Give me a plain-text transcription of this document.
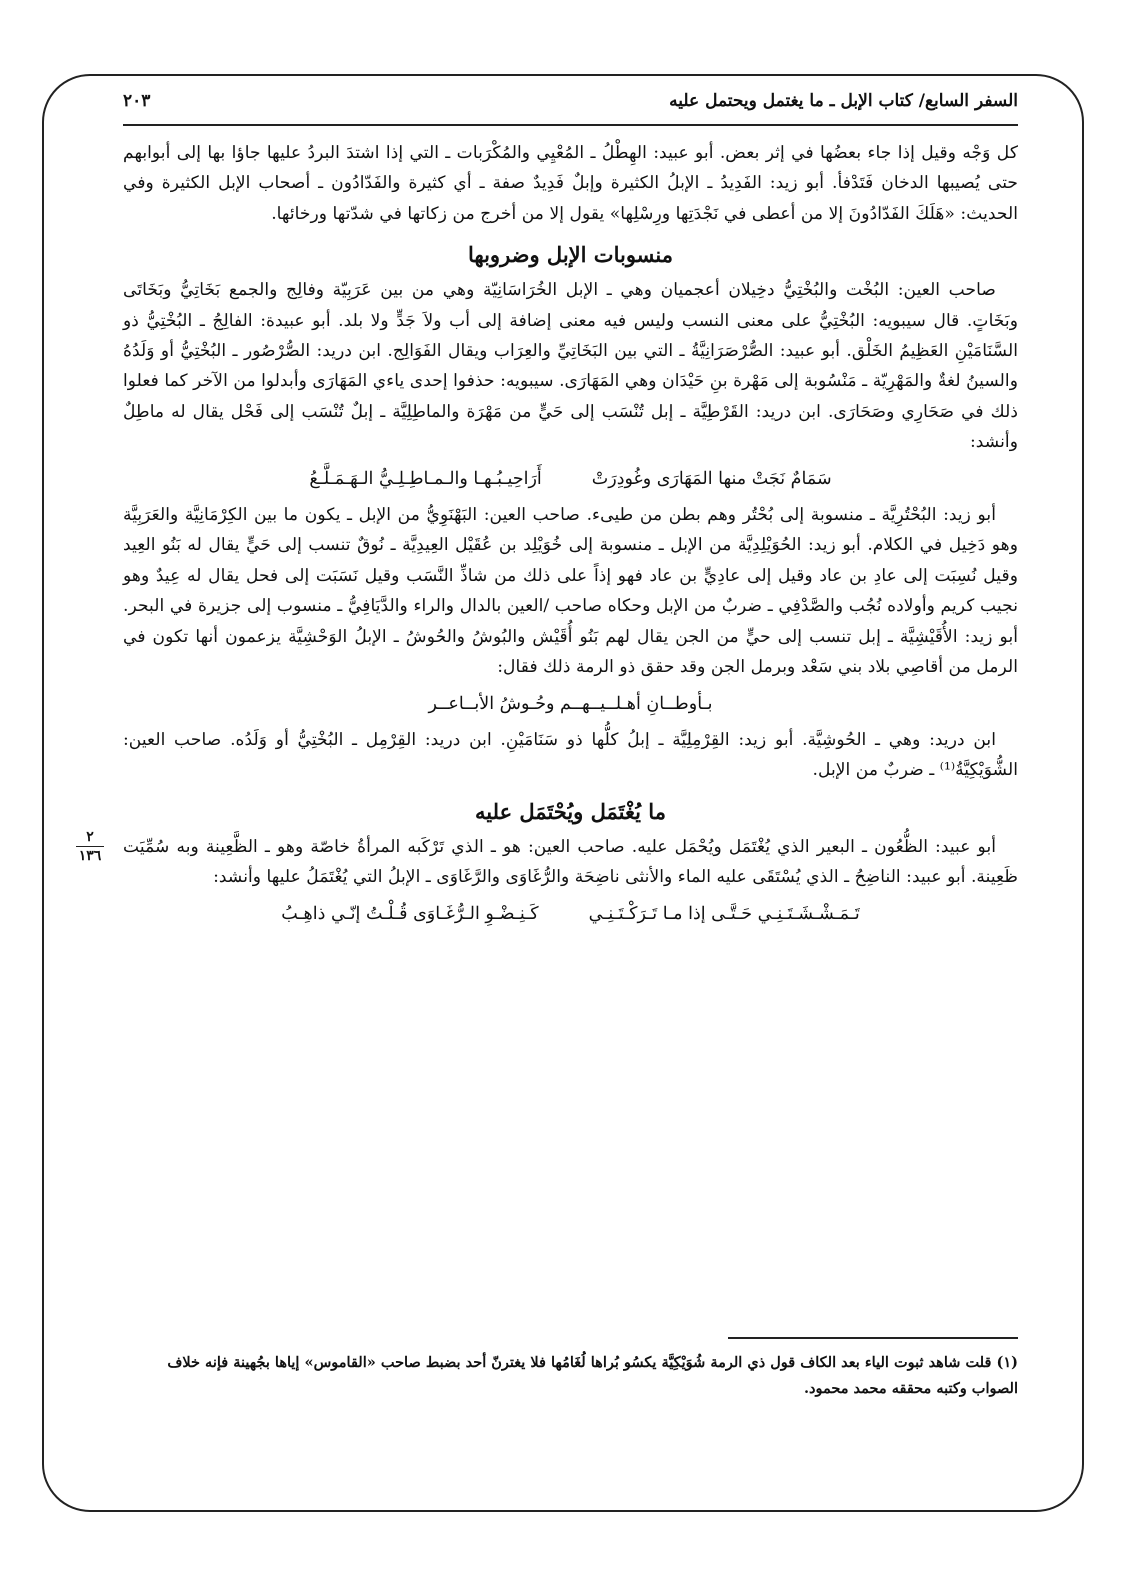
٢٠٣	السفر السابع/ كتاب الإبل ـ ما يغتمل ويحتمل عليه
٢
١٣٦

كل وَجْه وقيل إذا جاء بعضُها في إثر بعض. أبو عبيد: الهِطْلُ ـ المُعْيِي والمُكْرَبات ـ التي إذا اشتدَ البردُ عليها جاؤا بها إلى أبوابهم حتى يُصيبها الدخان فَتَدْفأ. أبو زيد: الفَدِيدُ ـ الإبلُ الكثيرة وإبلٌ فَدِيدٌ صفة ـ أي كثيرة والفَدّادُون ـ أصحاب الإبل الكثيرة وفي الحديث: «هَلَكَ الفَدّادُونَ إلا من أعطى في نَجْدَتِها ورِسْلِها» يقول إلا من أخرج من زكاتها في شدّتها ورخائها.

منسوبات الإبل وضروبها

صاحب العين: البُخْت والبُخْتِيُّ دخِيلان أعجميان وهي ـ الإبل الخُرَاسَانِيّة وهي من بين عَرَبِيّة وفالِج والجمع بَخَاتِيُّ وبَخَاتَى وبَخَاتٍ. قال سيبويه: البُخْتِيُّ على معنى النسب وليس فيه معنى إضافة إلى أب ولاَ جَدٍّ ولا بلد. أبو عبيدة: الفالِجُ ـ البُخْتِيُّ ذو السَّنَامَيْنِ العَظِيمُ الخَلْق. أبو عبيد: الصُّرْصَرَانِيَّةُ ـ التي بين البَخَاتِيِّ والعِرَاب ويقال الفَوَالِج. ابن دريد: الصُّرْصُور ـ البُخْتِيُّ أو وَلَدُهُ والسينُ لغةٌ والمَهْرِيّة ـ مَنْسُوبة إلى مَهْرة بنِ حَيْدَان وهي المَهَارَى. سيبويه: حذفوا إحدى ياءي المَهَارَى وأبدلوا من الآخر كما فعلوا ذلك في صَحَارِي وصَحَارَى. ابن دريد: القَرْطِيَّة ـ إبل تُنْسَب إلى حَيٍّ من مَهْرَة والماطِلِيَّة ـ إبلٌ تُنْسَب إلى فَحْل يقال له ماطِلٌ وأنشد:

سَمَامٌ نَجَتْ منها المَهَارَى وغُودِرَتْ
أَرَاحِيـبُـهـا والـمـاطِـلِـيُّ الـهَـمَـلَّـعُ

أبو زيد: البُحْتُرِيَّة ـ منسوبة إلى بُحْتُر وهم بطن من طيىء. صاحب العين: البَهْنَوِيُّ من الإبل ـ يكون ما بين الكِرْمَانِيَّة والعَرَبِيَّة وهو دَخِيل في الكلام. أبو زيد: الحُوَيْلِدِيَّة من الإبل ـ منسوبة إلى خُوَيْلِد بن عُقَيْل العِيدِيَّة ـ نُوقٌ تنسب إلى حَيٍّ يقال له بَنُو العِيد وقيل نُسِبَت إلى عادِ بن عاد وقيل إلى عادِيٍّ بن عاد فهو إذاً على ذلك من شاذِّ النَّسَب وقيل نَسَبَت إلى فحل يقال له عِيدٌ وهو نجيب كريم وأولاده نُجُب والصَّدْفِي ـ ضربٌ من الإبل وحكاه صاحب /العين بالدال والراء والدَّيَافِيُّ ـ منسوب إلى جزيرة في البحر. أبو زيد: الأُقَيْشِيَّة ـ إبل تنسب إلى حيٍّ من الجن يقال لهم بَنُو أُقَيْش والبُوشُ والحُوشُ ـ الإبلُ الوَحْشِيَّة يزعمون أنها تكون في الرمل من أقاصِي بلاد بني سَعْد وبرمل الجن وقد حقق ذو الرمة ذلك فقال:

بـأوطــانِ أهـلــيــهــم وحُـوشُ الأبــاعــر

ابن دريد: وهي ـ الحُوشِيَّة. أبو زيد: القِرْمِلِيَّة ـ إبلُ كلُّها ذو سَنَامَيْنِ. ابن دريد: القِرْمِل ـ البُخْتِيُّ أو وَلَدُه. صاحب العين: الشُّوَيْكِيَّةُ⁽¹⁾ ـ ضربٌ من الإبل.

ما يُغْتَمَل ويُحْتَمَل عليه

أبو عبيد: الظُّعُون ـ البعير الذي يُغْتَمَل ويُحْمَل عليه. صاحب العين: هو ـ الذي تَرْكَبه المرأةُ خاصّة وهو ـ الظَّعِينة وبه سُمِّيَت ظَعِينة. أبو عبيد: الناضِحُ ـ الذي يُسْتَقَى عليه الماء والأنثى ناضِحَة والرُّغَاوَى والرَّغَاوَى ـ الإبلُ التي يُغْتَمَلُ عليها وأنشد:

تَـمَـشْـشَـتَـنِـي حَـتَّـى إذا مـا تَـرَكْـتَـنِـي
كَـنِـضْـوِ الـرُّغَـاوَى قُـلْـتُ إنّـي ذاهِـبُ
(١) قلت شاهد ثبوت الياء بعد الكاف قول ذي الرمة شُوَيْكِيَّة يكسُو بُراها لُغَامُها فلا يغترنّ أحد بضبط صاحب «القاموس» إياها بجُهينة فإنه خلاف الصواب وكتبه محققه محمد محمود.
